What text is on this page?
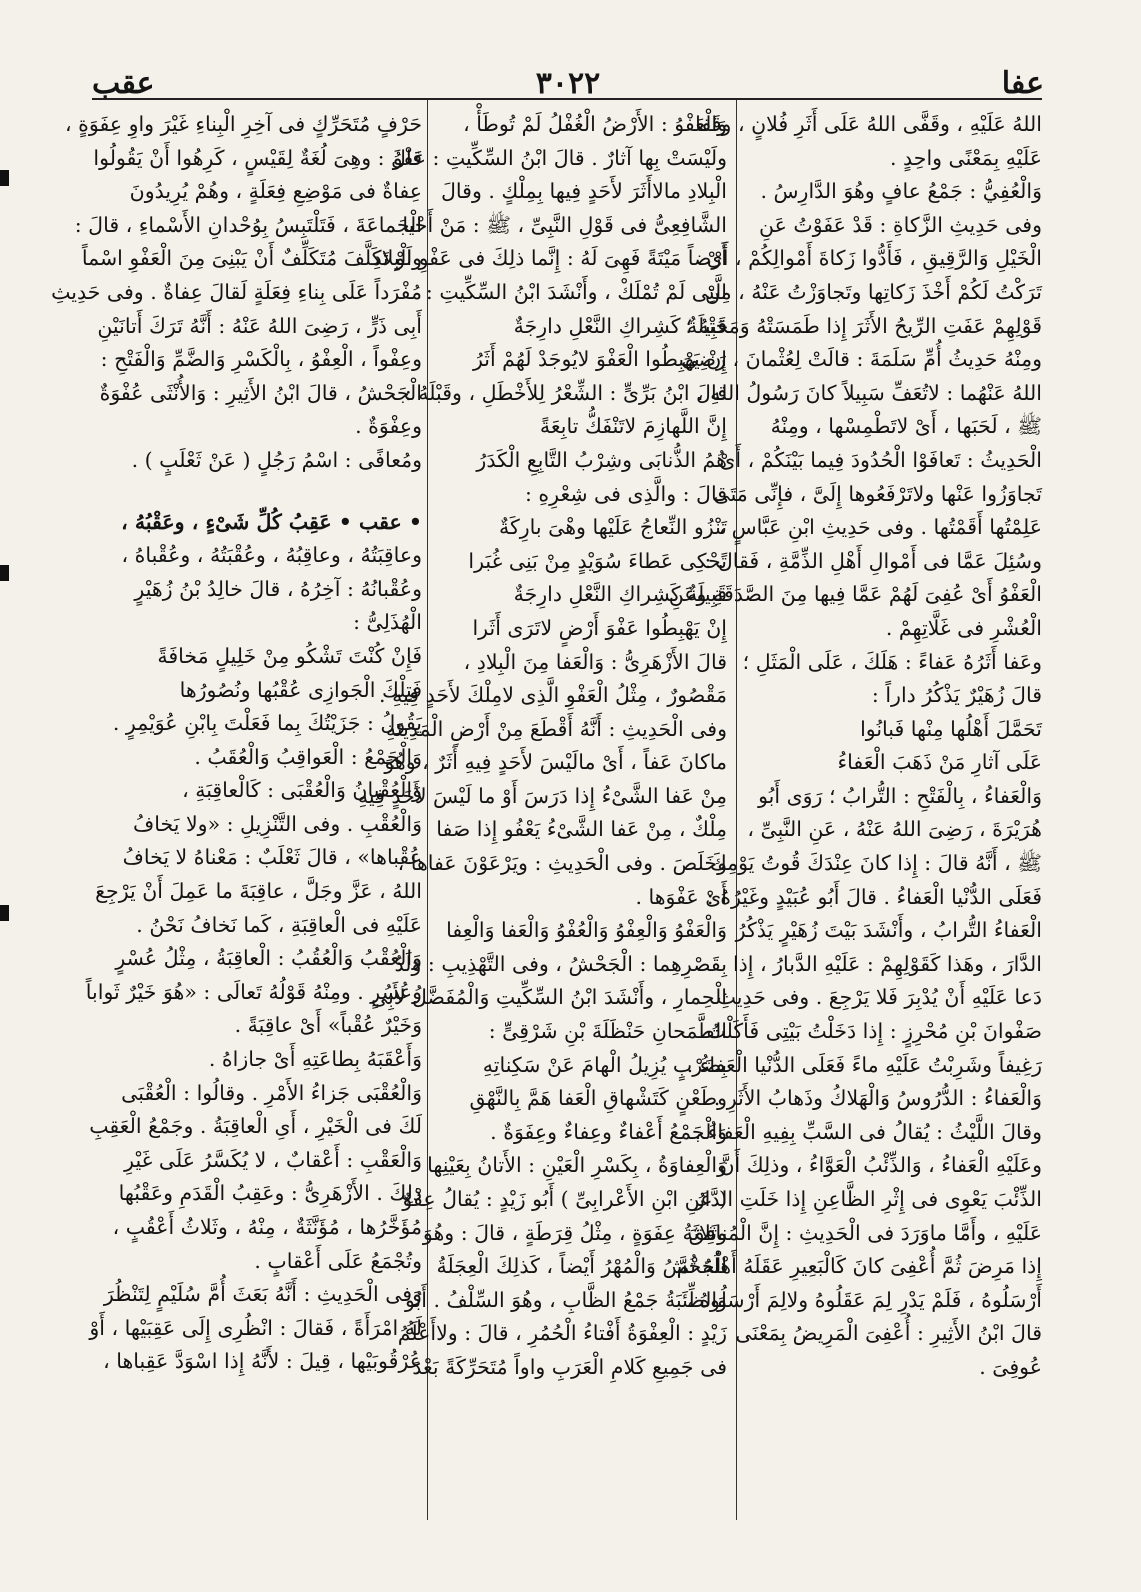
عفا
٣٠٢٢
عقب
اللهُ عَلَيْهِ ، وقَفَّى اللهُ عَلَى أَثَرِ فُلانٍ ، وقَفا
عَلَيْهِ بِمَعْنًى واحِدٍ .
وَالْعُفِيُّ : جَمْعُ عافٍ وهُوَ الدَّارِسُ .
وفى حَدِيثِ الزَّكاةِ : قَدْ عَفَوْتُ عَنِ
الْخَيْلِ وَالرَّقِيقِ ، فَأَدُّوا زَكاةَ أَمْوالِكُمْ ، أَىْ
تَرَكْتُ لَكُمْ أَخْذَ زَكاتِها وتَجاوَزْتُ عَنْهُ ، مِنْ
قَوْلِهِمْ عَفَتِ الرِّيحُ الأَثَرَ إِذا طَمَسَتْهُ وَمَحَتْهُ ؛
ومِنْهُ حَدِيثُ أُمِّ سَلَمَةَ : قالَتْ لِعُثْمانَ ، رَضِىَ
اللهُ عَنْهُما : لاتُعَفِّ سَبِيلاً كانَ رَسُولُ اللهِ ،
ﷺ ، لَحَبَها ، أَىْ لاتَطْمِسْها ، ومِنْهُ
الْحَدِيثُ : تَعافَوْا الْحُدُودَ فِيما بَيْنَكُمْ ، أَىْ
تَجاوَزُوا عَنْها ولاتَرْفَعُوها إِلَىَّ ، فإِنِّى مَتَى
عَلِمْتُها أَقَمْتُها . وفى حَدِيثِ ابْنِ عَبَّاسٍ ،
وسُئِلَ عَمَّا فى أَمْوالِ أَهْلِ الذِّمَّةِ ، فَقالَ :
الْعَفْوُ أَىْ عُفِىَ لَهُمْ عَمَّا فِيها مِنَ الصَّدَقَةِ وعَنِ
الْعُشْرِ فى غَلَّاتِهِمْ .
وعَفا أَثَرُهُ عَفاءً : هَلَكَ ، عَلَى الْمَثَلِ ؛
قالَ زُهَيْرٌ يَذْكُرُ داراً :
تَحَمَّلَ أَهْلُها مِنْها فَبانُوا
عَلَى آثارِ مَنْ ذَهَبَ الْعَفاءُ
وَالْعَفاءُ ، بِالْفَتْحِ : التُّرابُ ؛ رَوَى أَبُو
هُرَيْرَةَ ، رَضِىَ اللهُ عَنْهُ ، عَنِ النَّبِىِّ ،
ﷺ ، أَنَّهُ قالَ : إِذا كانَ عِنْدَكَ قُوتُ يَوْمِكَ
فَعَلَى الدُّنْيا الْعَفاءُ . قالَ أَبُو عُبَيْدٍ وغَيْرُهُ :
الْعَفاءُ التُّرابُ ، وأَنْشَدَ بَيْتَ زُهَيْرٍ يَذْكُرُ
الدَّارَ ، وهَذا كَقَوْلِهِمْ : عَلَيْهِ الدَّبارُ ، إِذا
دَعا عَلَيْهِ أَنْ يُدْبِرَ فَلا يَرْجِعَ . وفى حَدِيثِ
صَفْوانَ بْنِ مُحْرِزٍ : إِذا دَخَلْتُ بَيْتِى فَأَكَلْتُ
رَغِيفاً وشَرِبْتُ عَلَيْهِ ماءً فَعَلَى الدُّنْيا الْعَفاءُ .
وَالْعَفاءُ : الدُّرُوسُ وَالْهَلاكُ وذَهابُ الأَثَرِ .
وقالَ اللَّيْثُ : يُقالُ فى السَّبِّ بِفِيهِ الْعَفاءُ ،
وعَلَيْهِ الْعَفاءُ ، وَالذِّئْبُ الْعَوَّاءُ ، وذلِكَ أَنَّ
الذِّئْبَ يَعْوِى فى إِثْرِ الظَّاعِنِ إِذا خَلَتِ الدَّارُ
عَلَيْهِ ، وأَمَّا ماوَرَدَ فى الْحَدِيثِ : إِنَّ الْمُنافِقَ
إِذا مَرِضَ ثُمَّ أُعْفِىَ كانَ كَالْبَعِيرِ عَقَلَهُ أَهْلُهُ ثُمَّ
أَرْسَلُوهُ ، فَلَمْ يَدْرِ لِمَ عَقَلُوهُ ولالِمَ أَرْسَلُوهُ ،
قالَ ابْنُ الأَثِيرِ : أُعْفِىَ الْمَرِيضُ بِمَعْنَى
عُوفِىَ .
وَالْعَفْوُ : الأَرْضُ الْغُفْلُ لَمْ تُوطَأْ ،
ولَيْسَتْ بِها آثارٌ . قالَ ابْنُ السِّكِّيتِ : عَفْوُ
الْبِلادِ مالاأَثَرَ لأَحَدٍ فِيها بِمِلْكٍ . وقالَ
الشَّافِعِىُّ فى قَوْلِ النَّبِىِّ ، ﷺ : مَنْ أَحْيا
أَرْضاً مَيْتَةً فَهِىَ لَهُ : إِنَّما ذلِكَ فى عَفْوِ الْبِلادِ
الَّتِى لَمْ تُمْلَكْ ، وأَنْشَدَ ابْنُ السِّكِّيتِ :
قَبِيلَةٌ كَشِراكِ النَّعْلِ دارِجَةٌ
إِنْ يَهْبِطُوا الْعَفْوَ لايُوجَدْ لَهُمْ أَثَرُ
قالَ ابْنُ بَرِّىٍّ : الشِّعْرُ لِلأَخْطَلِ ، وقَبْلَهُ :
إِنَّ اللَّهازِمَ لاتَنْفَكُّ تابِعَةً
هُمُ الذُّنابَى وشِرْبُ التَّابِعِ الْكَدَرُ
قالَ : والَّذِى فى شِعْرِهِ :
تَنْزُو النِّعاجُ عَلَيْها وهْىَ بارِكَةٌ
تَحْكِى عَطاءَ سُوَيْدٍ مِنْ بَنِى غُبَرا
قَبِيلَةٌ كَشِراكِ النَّعْلِ دارِجَةٌ
إِنْ يَهْبِطُوا عَفْوَ أَرْضٍ لاتَرَى أَثَرا
قالَ الأَزْهَرِىُّ : وَالْعَفا مِنَ الْبِلادِ ،
مَقْصُورٌ ، مِثْلُ الْعَفْوِ الَّذِى لامِلْكَ لأَحَدٍ فِيهِ .
وفى الْحَدِيثِ : أَنَّهُ أَقْطَعَ مِنْ أَرْضِ الْمَدِينَةِ
ماكانَ عَفاً ، أَىْ مالَيْسَ لأَحَدٍ فِيهِ أَثَرٌ ، وهُوَ
مِنْ عَفا الشَّىْءُ إِذا دَرَسَ أَوْ ما لَيْسَ لأَحَدٍ فِيهِ
مِلْكٌ ، مِنْ عَفا الشَّىْءُ يَعْفُو إِذا صَفا
وخَلَصَ . وفى الْحَدِيثِ : ويَرْعَوْنَ عَفاها ،
أَىْ عَفْوَها .
وَالْعَفْوُ وَالْعِفْوُ وَالْعُفْوُ وَالْعَفا وَالْعِفا
بِقَصْرِهِما : الْجَحْشُ ، وفى التَّهْذِيبِ : وَلَدُ
الْحِمارِ ، وأَنْشَدَ ابْنُ السِّكِّيتِ وَالْمُفَضَّلُ لأَبِى
الطَّمَحانِ حَنْظَلَةَ بْنِ شَرْقِىٍّ :
بِضَرْبٍ يُزِيلُ الْهامَ عَنْ سَكِناتِهِ
وطَعْنٍ كَتَشْهاقِ الْعَفا هَمَّ بِالنَّهْقِ
وَالْجَمْعُ أَعْفاءٌ وعِفاءٌ وعِفَوَةٌ .
وَالْعِفاوَةُ ، بِكَسْرِ الْعَيْنِ : الأَتانُ بِعَيْنِها
( عَنِ ابْنِ الأَعْرابِىِّ ) أَبُو زَيْدٍ : يُقالُ عِفْوٌ
وثَلاثَةُ عِفَوَةٍ ، مِثْلُ قِرَطَةٍ ، قالَ : وهُوَ
الْجَحْشُ وَالْمُهْرُ أَيْضاً ، كَذلِكَ الْعِجَلَةُ
وَالظِّئَبَةُ جَمْعُ الظَّابِ ، وهُوَ السِّلْفُ . أَبُو
زَيْدٍ : الْعِفْوَةُ أَفْتاءُ الْحُمُرِ ، قالَ : ولاأَعْلَمُ
فى جَمِيعِ كَلامِ الْعَرَبِ واواً مُتَحَرِّكَةً بَعْدَ
حَرْفٍ مُتَحَرِّكٍ فى آخِرِ الْبِناءِ غَيْرَ واوِ عِفَوَةٍ ،
قالَ : وهِىَ لُغَةٌ لِقَيْسٍ ، كَرِهُوا أَنْ يَقُولُوا
عِفاةٌ فى مَوْضِعِ فِعَلَةٍ ، وهُمْ يُرِيدُونَ
الْجَماعَةَ ، فَتَلْتَبِسُ بِوُحْدانِ الأَسْماءِ ، قالَ :
ولَوْ تَكَلَّفَ مُتَكَلِّفٌ أَنْ يَبْنِىَ مِنَ الْعَفْوِ اسْماً
مُفْرَداً عَلَى بِناءِ فِعَلَةٍ لَقالَ عِفاةٌ . وفى حَدِيثِ
أَبِى ذَرٍّ ، رَضِىَ اللهُ عَنْهُ : أَنَّهُ تَرَكَ أَتانَيْنِ
وعِفْواً ، الْعِفْوُ ، بِالْكَسْرِ وَالضَّمِّ وَالْفَتْحِ :
الْجَحْشُ ، قالَ ابْنُ الأَثِيرِ : وَالأُنْثَى عُفْوَةٌ
وعِفْوَةٌ .
ومُعافًى : اسْمُ رَجُلٍ ( عَنْ ثَعْلَبٍ ) .
• عقب • عَقِبُ كُلِّ شَىْءٍ ، وعَقْبُهُ ،
وعاقِبَتُهُ ، وعاقِبُهُ ، وعُقْبَتُهُ ، وعُقْباهُ ،
وعُقْبانُهُ : آخِرُهُ ، قالَ خالِدُ بْنُ زُهَيْرٍ
الْهُذَلِىُّ :
فَإِنْ كُنْتَ تَشْكُو مِنْ خَلِيلٍ مَخافَةً
فَتِلْكَ الْجَوازِى عُقْبُها ونُصُورُها
يَقُولُ : جَزَيْتُكَ بِما فَعَلْتَ بِابْنِ عُوَيْمِرٍ .
وَالْجَمْعُ : الْعَواقِبُ وَالْعُقَبُ .
وَالْعُقْبانُ وَالْعُقْبَى : كَالْعاقِبَةِ ،
وَالْعُقْبِ . وفى التَّنْزِيلِ : «ولا يَخافُ
عُقْباها» ، قالَ ثَعْلَبٌ : مَعْناهُ لا يَخافُ
اللهُ ، عَزَّ وجَلَّ ، عاقِبَةَ ما عَمِلَ أَنْ يَرْجِعَ
عَلَيْهِ فى الْعاقِبَةِ ، كَما نَخافُ نَحْنُ .
وَالْعُقْبُ وَالْعُقُبُ : الْعاقِبَةُ ، مِثْلُ عُسْرٍ
وعُسُرٍ . ومِنْهُ قَوْلُهُ تَعالَى : «هُوَ خَيْرٌ ثَواباً
وَخَيْرٌ عُقْباً» أَىْ عاقِبَةً .
وَأَعْقَبَهُ بِطاعَتِهِ أَىْ جازاهُ .
وَالْعُقْبَى جَزاءُ الأَمْرِ . وقالُوا : الْعُقْبَى
لَكَ فى الْخَيْرِ ، أَىِ الْعاقِبَةُ . وجَمْعُ الْعَقِبِ
وَالْعَقْبِ : أَعْقابٌ ، لا يُكَسَّرُ عَلَى غَيْرِ
ذلِكَ . الأَزْهَرِىُّ : وعَقِبُ الْقَدَمِ وعَقْبُها
مُؤَخَّرُها ، مُؤَنَّثَةٌ ، مِنْهُ ، وثَلاثُ أَعْقُبٍ ،
وتُجْمَعُ عَلَى أَعْقابٍ .
وَفى الْحَدِيثِ : أَنَّهُ بَعَثَ أُمَّ سُلَيْمٍ لِتَنْظُرَ
لَهُ امْرَأَةً ، فَقالَ : انْظُرِى إِلَى عَقِبَيْها ، أَوْ
عُرْقُوبَيْها ، قِيلَ : لأَنَّهُ إِذا اسْوَدَّ عَقِباها ،
